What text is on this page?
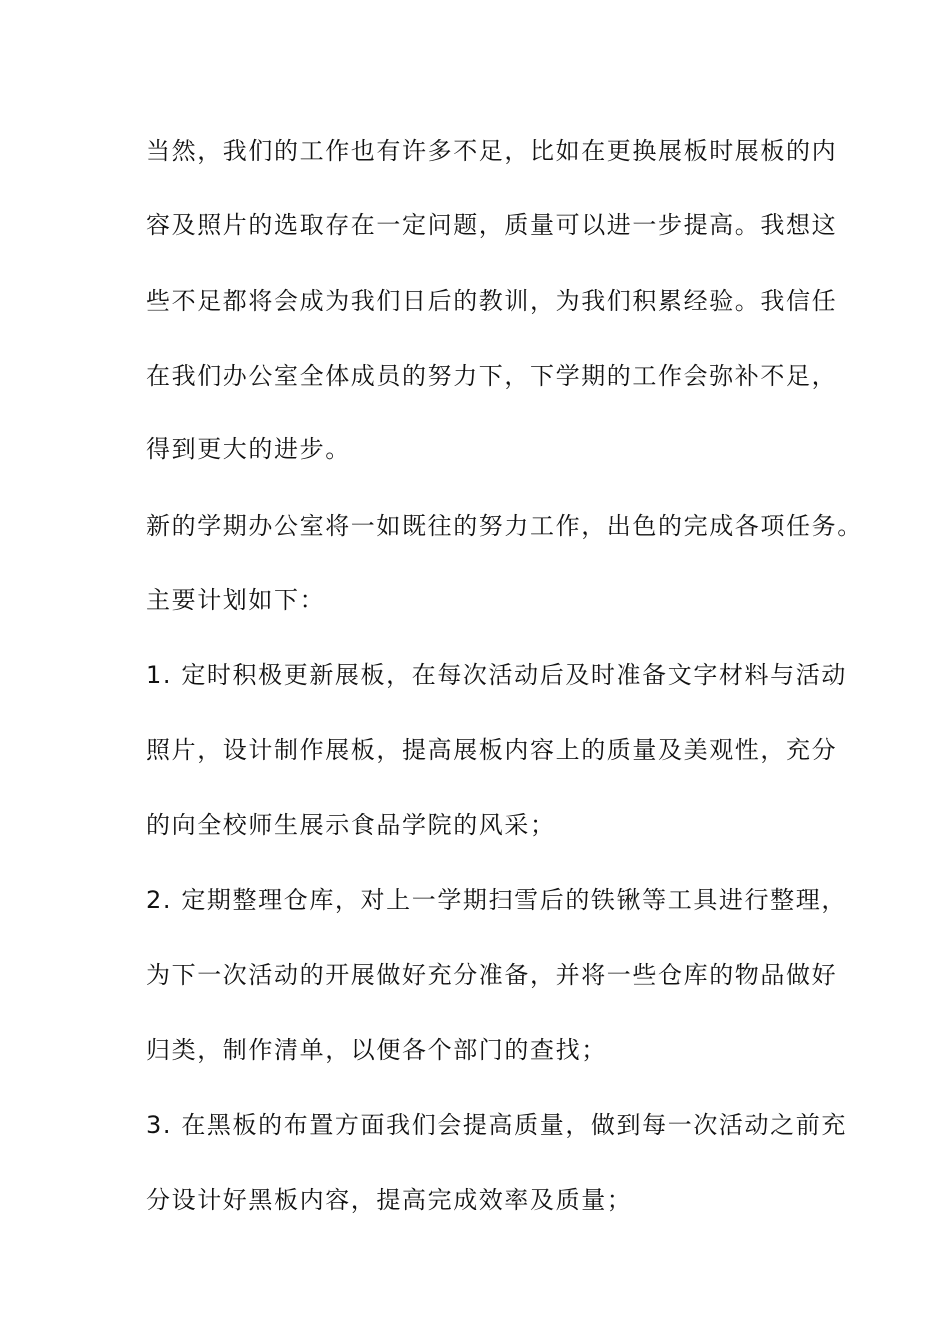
当然，我们的工作也有许多不足，比如在更换展板时展板的内
容及照片的选取存在一定问题，质量可以进一步提高。我想这
些不足都将会成为我们日后的教训，为我们积累经验。我信任
在我们办公室全体成员的努力下，下学期的工作会弥补不足，
得到更大的进步。
新的学期办公室将一如既往的努力工作，出色的完成各项任务。
主要计划如下：
1. 定时积极更新展板，在每次活动后及时准备文字材料与活动
照片，设计制作展板，提高展板内容上的质量及美观性，充分
的向全校师生展示食品学院的风采；
2. 定期整理仓库，对上一学期扫雪后的铁锹等工具进行整理，
为下一次活动的开展做好充分准备，并将一些仓库的物品做好
归类，制作清单，以便各个部门的查找；
3. 在黑板的布置方面我们会提高质量，做到每一次活动之前充
分设计好黑板内容，提高完成效率及质量；
